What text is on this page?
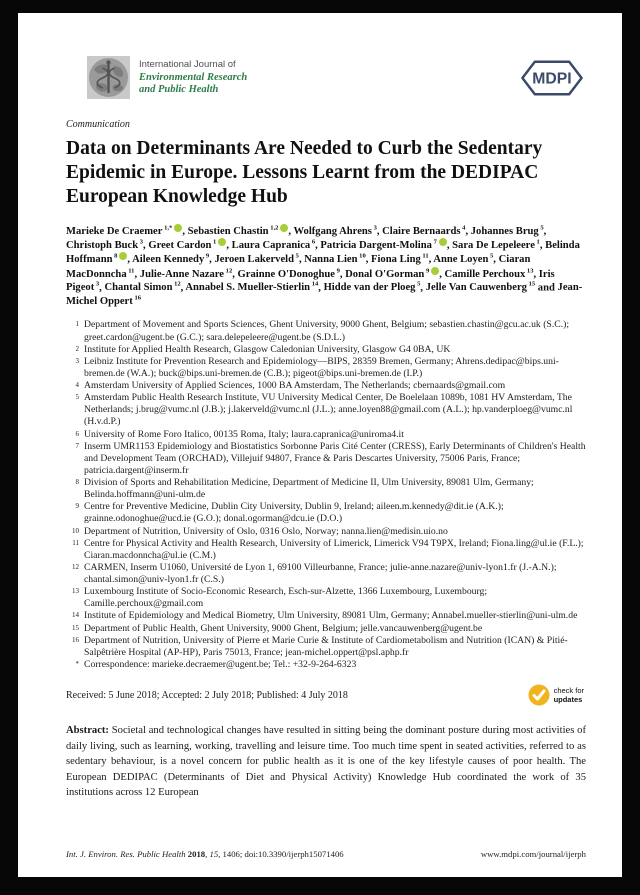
International Journal of
Environmental Research
and Public Health
MDPI
Communication
Data on Determinants Are Needed to Curb the Sedentary Epidemic in Europe. Lessons Learnt from the DEDIPAC European Knowledge Hub
Marieke De Craemer $^{1,*}$ , Sebastien Chastin $^{1,2}$ , Wolfgang Ahrens $^3$, Claire Bernaards $^4$, Johannes Brug $^5$, Christoph Buck $^3$, Greet Cardon $^1$ , Laura Capranica $^6$, Patricia Dargent-Molina $^7$ , Sara De Lepeleere $^1$, Belinda Hoffmann $^8$ , Aileen Kennedy $^9$, Jeroen Lakerveld $^5$, Nanna Lien $^{10}$, Fiona Ling $^{11}$, Anne Loyen $^5$, Ciaran MacDonncha $^{11}$, Julie-Anne Nazare $^{12}$, Grainne O'Donoghue $^9$, Donal O'Gorman $^9$ , Camille Perchoux $^{13}$, Iris Pigeot $^3$, Chantal Simon $^{12}$, Annabel S. Mueller-Stierlin $^{14}$, Hidde van der Ploeg $^5$, Jelle Van Cauwenberg $^{15}$ and Jean-Michel Oppert $^{16}$
1 Department of Movement and Sports Sciences, Ghent University, 9000 Ghent, Belgium; sebastien.chastin@gcu.ac.uk (S.C.); greet.cardon@ugent.be (G.C.); sara.delepeleere@ugent.be (S.D.L.)
2 Institute for Applied Health Research, Glasgow Caledonian University, Glasgow G4 0BA, UK
3 Leibniz Institute for Prevention Research and Epidemiology—BIPS, 28359 Bremen, Germany; Ahrens.dedipac@bips.uni-bremen.de (W.A.); buck@bips.uni-bremen.de (C.B.); pigeot@bips.uni-bremen.de (I.P.)
4 Amsterdam University of Applied Sciences, 1000 BA Amsterdam, The Netherlands; cbernaards@gmail.com
5 Amsterdam Public Health Research Institute, VU University Medical Center, De Boelelaan 1089b, 1081 HV Amsterdam, The Netherlands; j.brug@vumc.nl (J.B.); j.lakerveld@vumc.nl (J.L.); anne.loyen88@gmail.com (A.L.); hp.vanderploeg@vumc.nl (H.v.d.P.)
6 University of Rome Foro Italico, 00135 Roma, Italy; laura.capranica@uniroma4.it
7 Inserm UMR1153 Epidemiology and Biostatistics Sorbonne Paris Cité Center (CRESS), Early Determinants of Children's Health and Development Team (ORCHAD), Villejuif 94807, France & Paris Descartes University, 75006 Paris, France; patricia.dargent@inserm.fr
8 Division of Sports and Rehabilitation Medicine, Department of Medicine II, Ulm University, 89081 Ulm, Germany; Belinda.hoffmann@uni-ulm.de
9 Centre for Preventive Medicine, Dublin City University, Dublin 9, Ireland; aileen.m.kennedy@dit.ie (A.K.); grainne.odonoghue@ucd.ie (G.O.); donal.ogorman@dcu.ie (D.O.)
10 Department of Nutrition, University of Oslo, 0316 Oslo, Norway; nanna.lien@medisin.uio.no
11 Centre for Physical Activity and Health Research, University of Limerick, Limerick V94 T9PX, Ireland; Fiona.ling@ul.ie (F.L.); Ciaran.macdonncha@ul.ie (C.M.)
12 CARMEN, Inserm U1060, Université de Lyon 1, 69100 Villeurbanne, France; julie-anne.nazare@univ-lyon1.fr (J.-A.N.); chantal.simon@univ-lyon1.fr (C.S.)
13 Luxembourg Institute of Socio-Economic Research, Esch-sur-Alzette, 1366 Luxembourg, Luxembourg; Camille.perchoux@gmail.com
14 Institute of Epidemiology and Medical Biometry, Ulm University, 89081 Ulm, Germany; Annabel.mueller-stierlin@uni-ulm.de
15 Department of Public Health, Ghent University, 9000 Ghent, Belgium; jelle.vancauwenberg@ugent.be
16 Department of Nutrition, University of Pierre et Marie Curie & Institute of Cardiometabolism and Nutrition (ICAN) & Pitié-Salpêtrière Hospital (AP-HP), Paris 75013, France; jean-michel.oppert@psl.aphp.fr
* Correspondence: marieke.decraemer@ugent.be; Tel.: +32-9-264-6323
Received: 5 June 2018; Accepted: 2 July 2018; Published: 4 July 2018	check for
updates

Abstract: Societal and technological changes have resulted in sitting being the dominant posture during most activities of daily living, such as learning, working, travelling and leisure time. Too much time spent in seated activities, referred to as sedentary behaviour, is a novel concern for public health as it is one of the key lifestyle causes of poor health. The European DEDIPAC (Determinants of Diet and Physical Activity) Knowledge Hub coordinated the work of 35 institutions across 12 European

Int. J. Environ. Res. Public Health 2018, 15, 1406; doi:10.3390/ijerph15071406	www.mdpi.com/journal/ijerph
